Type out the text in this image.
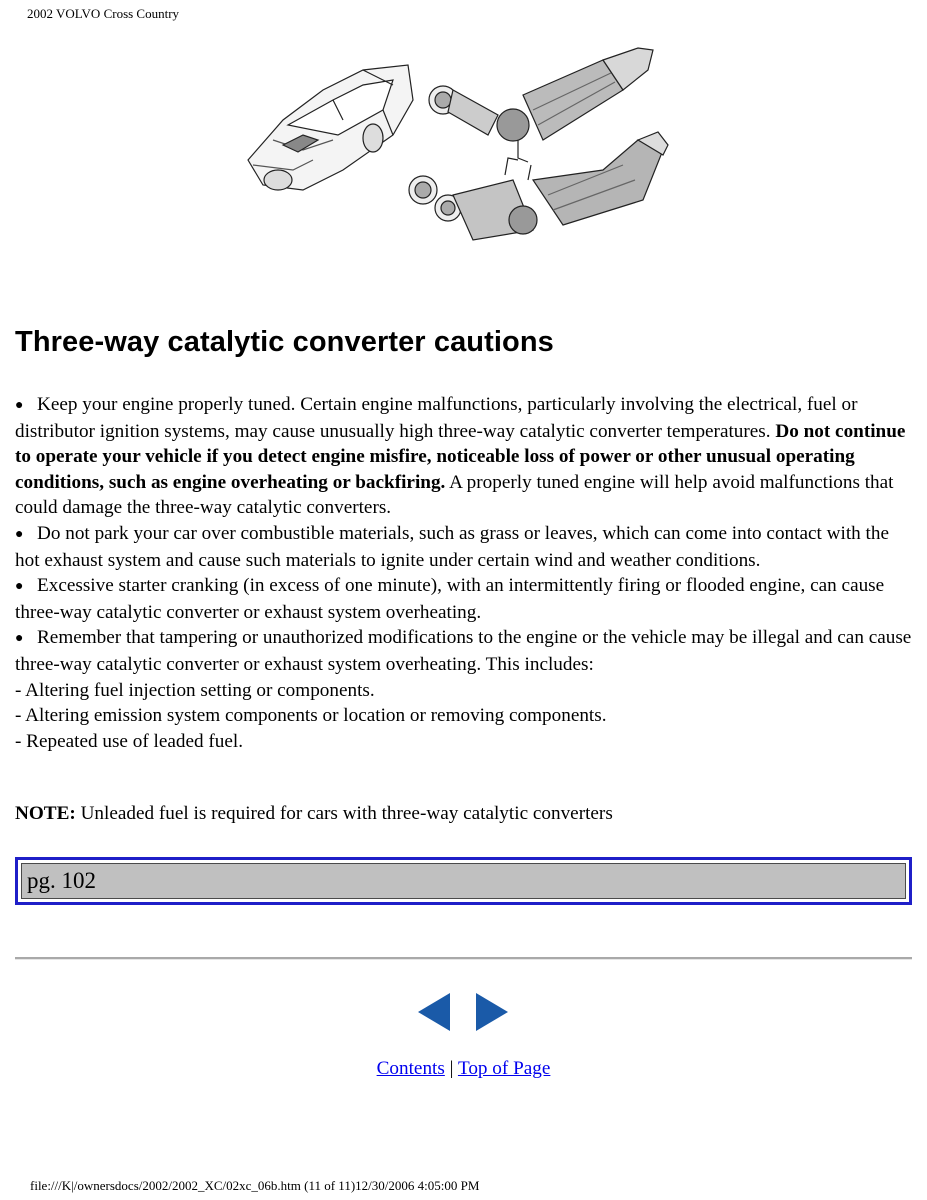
2002 VOLVO Cross Country
Three-way catalytic converter cautions

● Keep your engine properly tuned. Certain engine malfunctions, particularly involving the electrical, fuel or distributor ignition systems, may cause unusually high three-way catalytic converter temperatures. Do not continue to operate your vehicle if you detect engine misfire, noticeable loss of power or other unusual operating conditions, such as engine overheating or backfiring. A properly tuned engine will help avoid malfunctions that could damage the three-way catalytic converters.

● Do not park your car over combustible materials, such as grass or leaves, which can come into contact with the hot exhaust system and cause such materials to ignite under certain wind and weather conditions.

● Excessive starter cranking (in excess of one minute), with an intermittently firing or flooded engine, can cause three-way catalytic converter or exhaust system overheating.

● Remember that tampering or unauthorized modifications to the engine or the vehicle may be illegal and can cause three-way catalytic converter or exhaust system overheating. This includes:

- Altering fuel injection setting or components.

- Altering emission system components or location or removing components.

- Repeated use of leaded fuel.

NOTE: Unleaded fuel is required for cars with three-way catalytic converters
pg. 102
Contents | Top of Page
file:///K|/ownersdocs/2002/2002_XC/02xc_06b.htm (11 of 11)12/30/2006 4:05:00 PM
